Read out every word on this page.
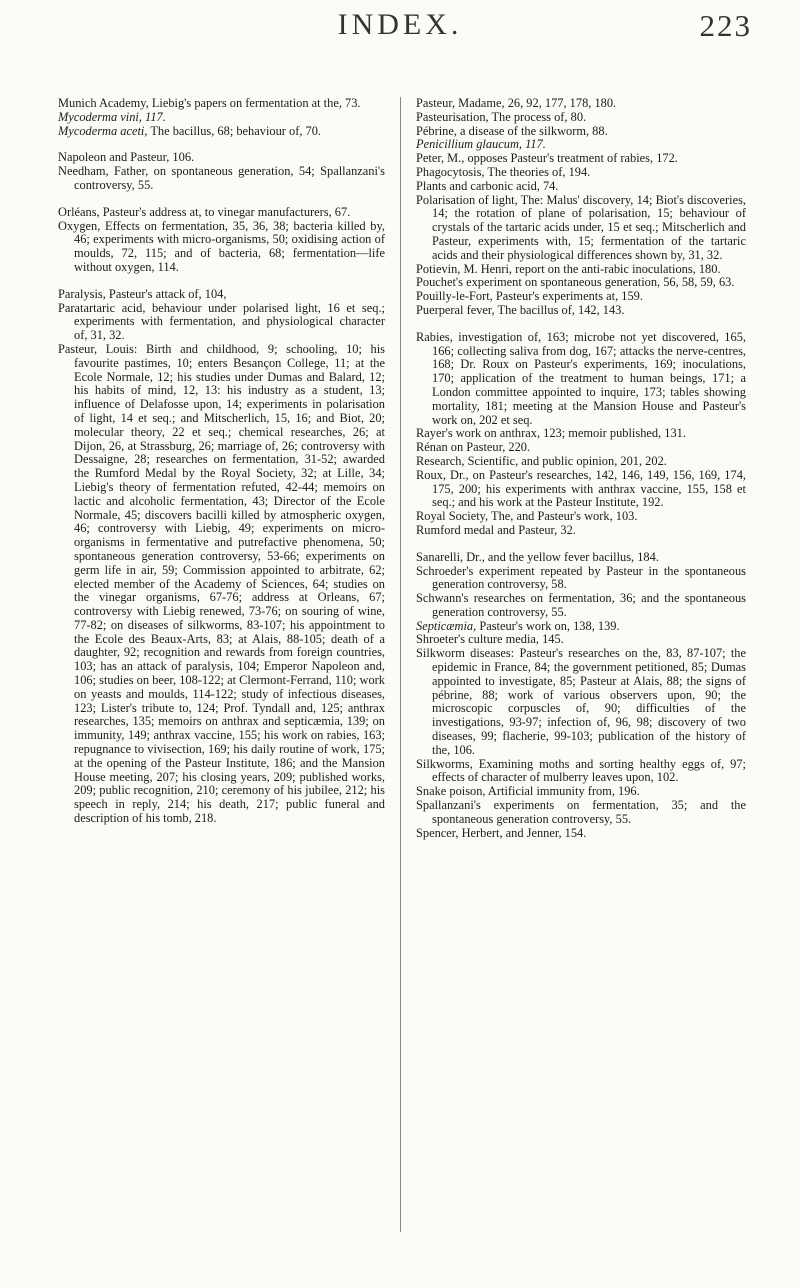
INDEX.	223
Munich Academy, Liebig's papers on fermentation at the, 73.
Mycoderma vini, 117.
Mycoderma aceti, The bacillus, 68; behaviour of, 70.
Napoleon and Pasteur, 106.
Needham, Father, on spontaneous generation, 54; Spallanzani's controversy, 55.
Orléans, Pasteur's address at, to vinegar manufacturers, 67.
Oxygen, Effects on fermentation, 35, 36, 38; bacteria killed by, 46; experiments with micro-organisms, 50; oxidising action of moulds, 72, 115; and of bacteria, 68; fermentation—life without oxygen, 114.
Paralysis, Pasteur's attack of, 104,
Paratartaric acid, behaviour under polarised light, 16 et seq.; experiments with fermentation, and physiological character of, 31, 32.
Pasteur, Louis: Birth and childhood, 9; schooling, 10; his favourite pastimes, 10; enters Besançon College, 11; at the Ecole Normale, 12; his studies under Dumas and Balard, 12; his habits of mind, 12, 13: his industry as a student, 13; influence of Delafosse upon, 14; experiments in polarisation of light, 14 et seq.; and Mitscherlich, 15, 16; and Biot, 20; molecular theory, 22 et seq.; chemical researches, 26; at Dijon, 26, at Strassburg, 26; marriage of, 26; controversy with Dessaigne, 28; researches on fermentation, 31-52; awarded the Rumford Medal by the Royal Society, 32; at Lille, 34; Liebig's theory of fermentation refuted, 42-44; memoirs on lactic and alcoholic fermentation, 43; Director of the Ecole Normale, 45; discovers bacilli killed by atmospheric oxygen, 46; controversy with Liebig, 49; experiments on micro-organisms in fermentative and putrefactive phenomena, 50; spontaneous generation controversy, 53-66; experiments on germ life in air, 59; Commission appointed to arbitrate, 62; elected member of the Academy of Sciences, 64; studies on the vinegar organisms, 67-76; address at Orleans, 67; controversy with Liebig renewed, 73-76; on souring of wine, 77-82; on diseases of silkworms, 83-107; his appointment to the Ecole des Beaux-Arts, 83; at Alais, 88-105; death of a daughter, 92; recognition and rewards from foreign countries, 103; has an attack of paralysis, 104; Emperor Napoleon and, 106; studies on beer, 108-122; at Clermont-Ferrand, 110; work on yeasts and moulds, 114-122; study of infectious diseases, 123; Lister's tribute to, 124; Prof. Tyndall and, 125; anthrax researches, 135; memoirs on anthrax and septicæmia, 139; on immunity, 149; anthrax vaccine, 155; his work on rabies, 163; repugnance to vivisection, 169; his daily routine of work, 175; at the opening of the Pasteur Institute, 186; and the Mansion House meeting, 207; his closing years, 209; published works, 209; public recognition, 210; ceremony of his jubilee, 212; his speech in reply, 214; his death, 217; public funeral and description of his tomb, 218.
Pasteur, Madame, 26, 92, 177, 178, 180.
Pasteurisation, The process of, 80.
Pébrine, a disease of the silkworm, 88.
Penicillium glaucum, 117.
Peter, M., opposes Pasteur's treatment of rabies, 172.
Phagocytosis, The theories of, 194.
Plants and carbonic acid, 74.
Polarisation of light, The: Malus' discovery, 14; Biot's discoveries, 14; the rotation of plane of polarisation, 15; behaviour of crystals of the tartaric acids under, 15 et seq.; Mitscherlich and Pasteur, experiments with, 15; fermentation of the tartaric acids and their physiological differences shown by, 31, 32.
Potievin, M. Henri, report on the anti-rabic inoculations, 180.
Pouchet's experiment on spontaneous generation, 56, 58, 59, 63.
Pouilly-le-Fort, Pasteur's experiments at, 159.
Puerperal fever, The bacillus of, 142, 143.
Rabies, investigation of, 163; microbe not yet discovered, 165, 166; collecting saliva from dog, 167; attacks the nerve-centres, 168; Dr. Roux on Pasteur's experiments, 169; inoculations, 170; application of the treatment to human beings, 171; a London committee appointed to inquire, 173; tables showing mortality, 181; meeting at the Mansion House and Pasteur's work on, 202 et seq.
Rayer's work on anthrax, 123; memoir published, 131.
Rénan on Pasteur, 220.
Research, Scientific, and public opinion, 201, 202.
Roux, Dr., on Pasteur's researches, 142, 146, 149, 156, 169, 174, 175, 200; his experiments with anthrax vaccine, 155, 158 et seq.; and his work at the Pasteur Institute, 192.
Royal Society, The, and Pasteur's work, 103.
Rumford medal and Pasteur, 32.
Sanarelli, Dr., and the yellow fever bacillus, 184.
Schroeder's experiment repeated by Pasteur in the spontaneous generation controversy, 58.
Schwann's researches on fermentation, 36; and the spontaneous generation controversy, 55.
Septicæmia, Pasteur's work on, 138, 139.
Shroeter's culture media, 145.
Silkworm diseases: Pasteur's researches on the, 83, 87-107; the epidemic in France, 84; the government petitioned, 85; Dumas appointed to investigate, 85; Pasteur at Alais, 88; the signs of pébrine, 88; work of various observers upon, 90; the microscopic corpuscles of, 90; difficulties of the investigations, 93-97; infection of, 96, 98; discovery of two diseases, 99; flacherie, 99-103; publication of the history of the, 106.
Silkworms, Examining moths and sorting healthy eggs of, 97; effects of character of mulberry leaves upon, 102.
Snake poison, Artificial immunity from, 196.
Spallanzani's experiments on fermentation, 35; and the spontaneous generation controversy, 55.
Spencer, Herbert, and Jenner, 154.
